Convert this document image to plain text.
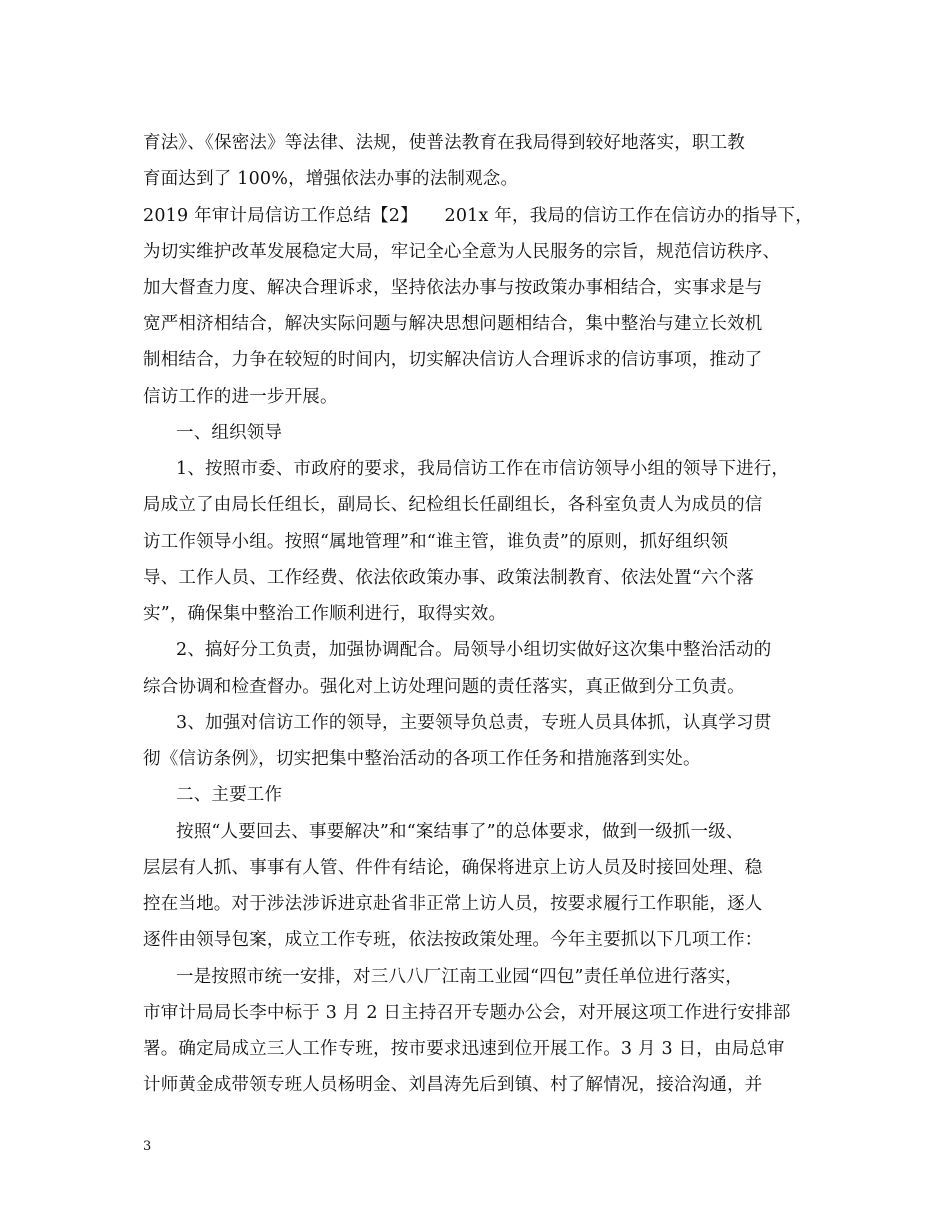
育法》、《保密法》等法律、法规，使普法教育在我局得到较好地落实，职工教
育面达到了 100%，增强依法办事的法制观念。
2019 年审计局信访工作总结【2】　　201x 年，我局的信访工作在信访办的指导下，
为切实维护改革发展稳定大局，牢记全心全意为人民服务的宗旨，规范信访秩序、
加大督查力度、解决合理诉求，坚持依法办事与按政策办事相结合，实事求是与
宽严相济相结合，解决实际问题与解决思想问题相结合，集中整治与建立长效机
制相结合，力争在较短的时间内，切实解决信访人合理诉求的信访事项，推动了
信访工作的进一步开展。
一、组织领导
1、按照市委、市政府的要求，我局信访工作在市信访领导小组的领导下进行，
局成立了由局长任组长，副局长、纪检组长任副组长，各科室负责人为成员的信
访工作领导小组。按照“属地管理”和“谁主管，谁负责”的原则，抓好组织领
导、工作人员、工作经费、依法依政策办事、政策法制教育、依法处置“六个落
实”，确保集中整治工作顺利进行，取得实效。
2、搞好分工负责，加强协调配合。局领导小组切实做好这次集中整治活动的
综合协调和检查督办。强化对上访处理问题的责任落实，真正做到分工负责。
3、加强对信访工作的领导，主要领导负总责，专班人员具体抓，认真学习贯
彻《信访条例》，切实把集中整治活动的各项工作任务和措施落到实处。
二、主要工作
按照“人要回去、事要解决”和“案结事了”的总体要求，做到一级抓一级、
层层有人抓、事事有人管、件件有结论，确保将进京上访人员及时接回处理、稳
控在当地。对于涉法涉诉进京赴省非正常上访人员，按要求履行工作职能，逐人
逐件由领导包案，成立工作专班，依法按政策处理。今年主要抓以下几项工作：
一是按照市统一安排，对三八八厂江南工业园“四包”责任单位进行落实，
市审计局局长李中标于 3 月 2 日主持召开专题办公会，对开展这项工作进行安排部
署。确定局成立三人工作专班，按市要求迅速到位开展工作。3 月 3 日，由局总审
计师黄金成带领专班人员杨明金、刘昌涛先后到镇、村了解情况，接洽沟通，并
3
